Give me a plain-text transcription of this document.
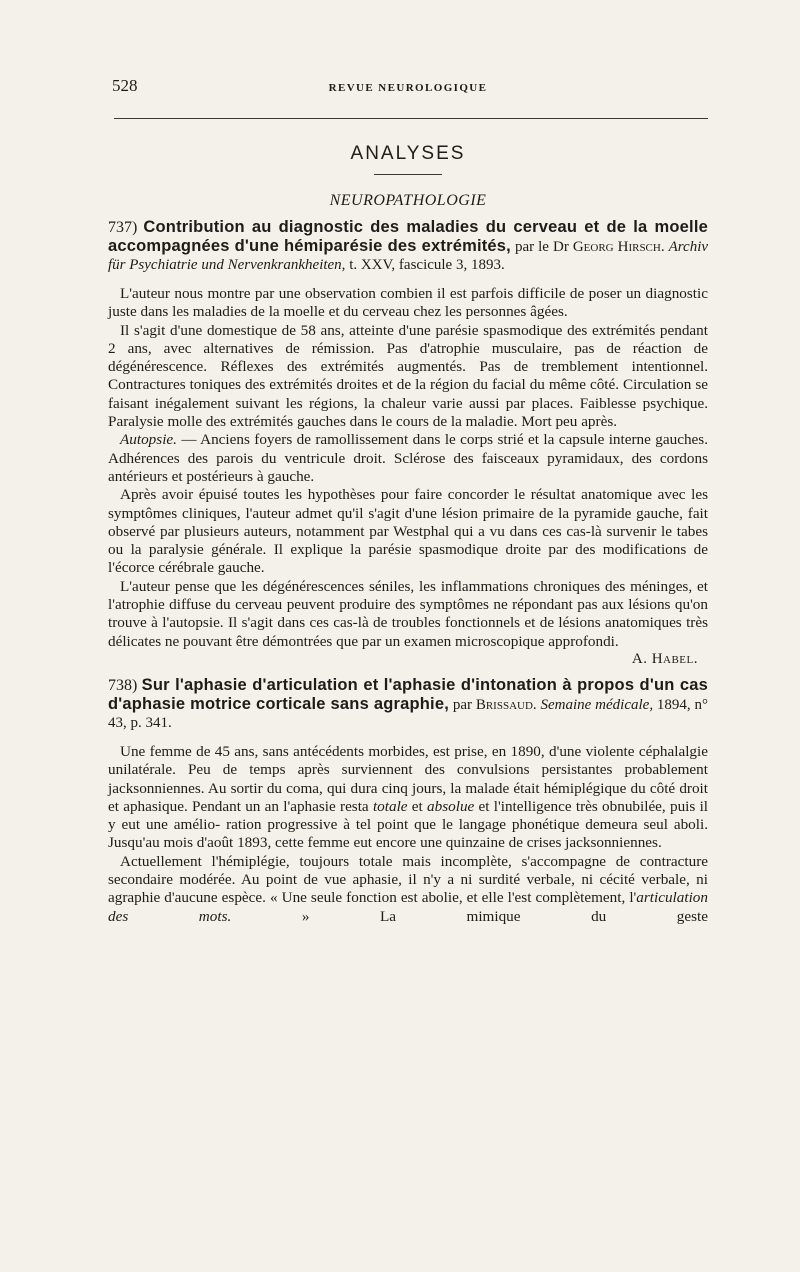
528	REVUE NEUROLOGIQUE
ANALYSES
NEUROPATHOLOGIE
737) Contribution au diagnostic des maladies du cerveau et de la moelle accompagnées d'une hémiparésie des extrémités, par le Dr Georg Hirsch. Archiv für Psychiatrie und Nervenkrankheiten, t. XXV, fascicule 3, 1893.

L'auteur nous montre par une observation combien il est parfois difficile de poser un diagnostic juste dans les maladies de la moelle et du cerveau chez les personnes âgées.

Il s'agit d'une domestique de 58 ans, atteinte d'une parésie spasmodique des extrémités pendant 2 ans, avec alternatives de rémission. Pas d'atrophie musculaire, pas de réaction de dégénérescence. Réflexes des extrémités augmentés. Pas de tremblement intentionnel. Contractures toniques des extrémités droites et de la région du facial du même côté. Circulation se faisant inégalement suivant les régions, la chaleur varie aussi par places. Faiblesse psychique. Paralysie molle des extrémités gauches dans le cours de la maladie. Mort peu après.

Autopsie. — Anciens foyers de ramollissement dans le corps strié et la capsule interne gauches. Adhérences des parois du ventricule droit. Sclérose des faisceaux pyramidaux, des cordons antérieurs et postérieurs à gauche.

Après avoir épuisé toutes les hypothèses pour faire concorder le résultat anatomique avec les symptômes cliniques, l'auteur admet qu'il s'agit d'une lésion primaire de la pyramide gauche, fait observé par plusieurs auteurs, notamment par Westphal qui a vu dans ces cas-là survenir le tabes ou la paralysie générale. Il explique la parésie spasmodique droite par des modifications de l'écorce cérébrale gauche.

L'auteur pense que les dégénérescences séniles, les inflammations chroniques des méninges, et l'atrophie diffuse du cerveau peuvent produire des symptômes ne répondant pas aux lésions qu'on trouve à l'autopsie. Il s'agit dans ces cas-là de troubles fonctionnels et de lésions anatomiques très délicates ne pouvant être démontrées que par un examen microscopique approfondi.

A. Habel.
738) Sur l'aphasie d'articulation et l'aphasie d'intonation à propos d'un cas d'aphasie motrice corticale sans agraphie, par Brissaud. Semaine médicale, 1894, n° 43, p. 341.

Une femme de 45 ans, sans antécédents morbides, est prise, en 1890, d'une violente céphalalgie unilatérale. Peu de temps après surviennent des convulsions persistantes probablement jacksonniennes. Au sortir du coma, qui dura cinq jours, la malade était hémiplégique du côté droit et aphasique. Pendant un an l'aphasie resta totale et absolue et l'intelligence très obnubilée, puis il y eut une amélio- ration progressive à tel point que le langage phonétique demeura seul aboli. Jusqu'au mois d'août 1893, cette femme eut encore une quinzaine de crises jacksonniennes.

Actuellement l'hémiplégie, toujours totale mais incomplète, s'accompagne de contracture secondaire modérée. Au point de vue aphasie, il n'y a ni surdité verbale, ni cécité verbale, ni agraphie d'aucune espèce. « Une seule fonction est abolie, et elle l'est complètement, l'articulation des mots. » La mimique du geste
